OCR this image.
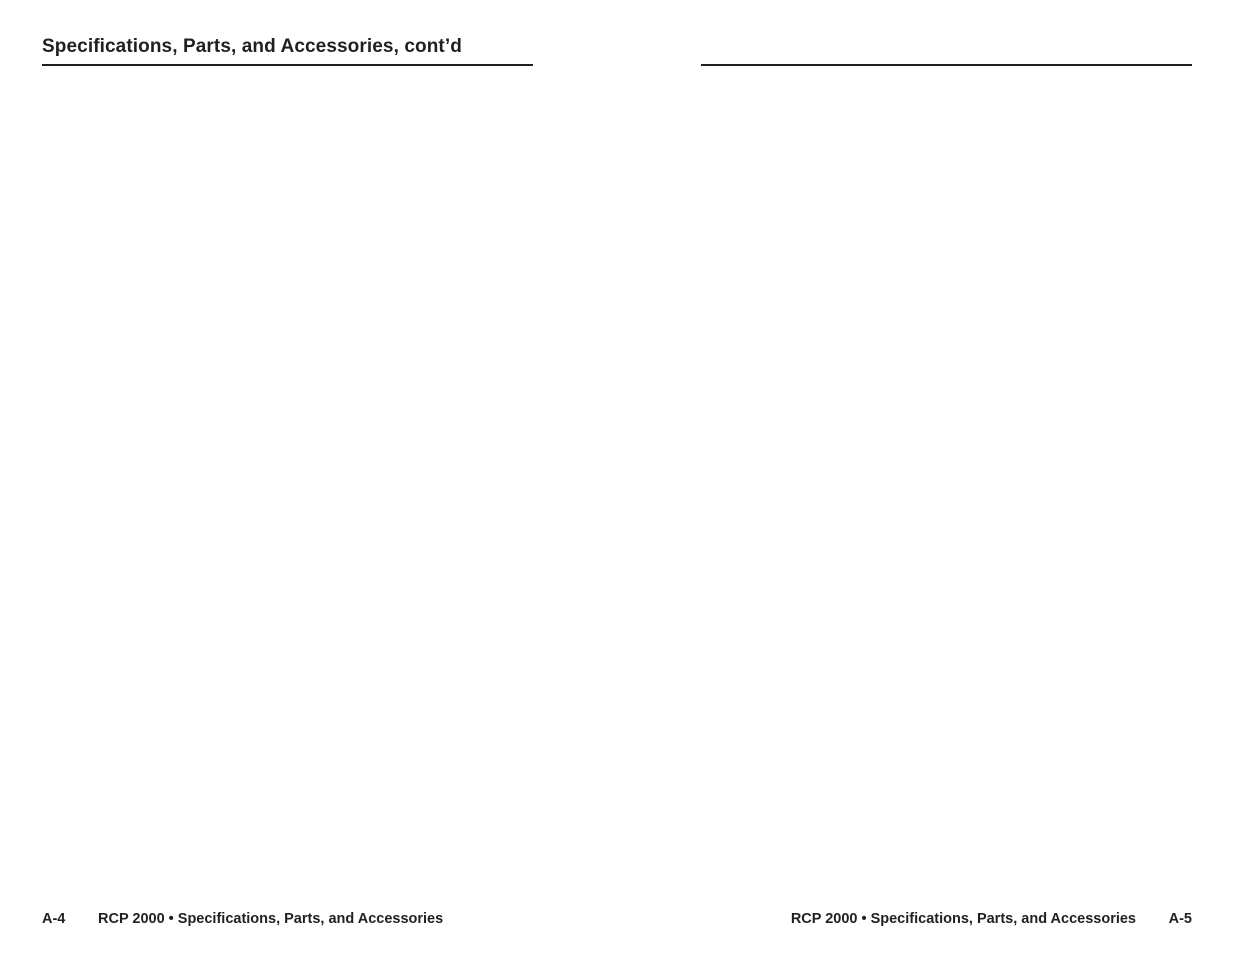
Specifications, Parts, and Accessories, cont’d
A-4 RCP 2000 • Specifications, Parts, and Accessories	RCP 2000 • Specifications, Parts, and Accessories A-5
